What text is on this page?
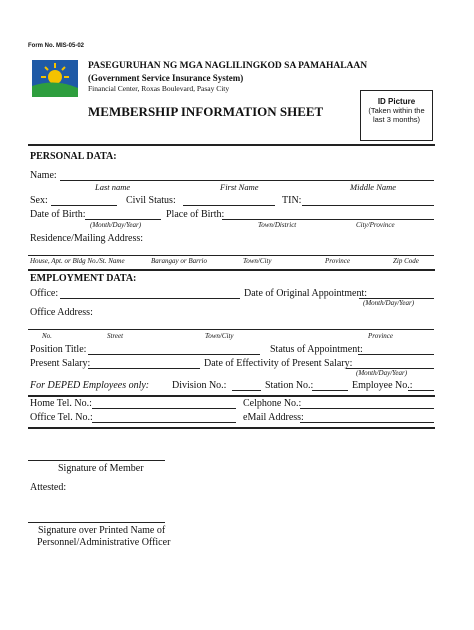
Form No. MIS-05-02
PASEGURUHAN NG MGA NAGLILINGKOD SA PAMAHALAAN
(Government Service Insurance System)
Financial Center, Roxas Boulevard, Pasay City
MEMBERSHIP INFORMATION SHEET
ID Picture
(Taken within the
last 3 months)
PERSONAL DATA:
Name:
Last name	First Name	Middle Name
Sex:	Civil Status:	TIN:
Date of Birth:	Place of Birth:
(Month/Day/Year)	Town/District	City/Province
Residence/Mailing Address:
House, Apt. or Bldg No./St. Name	Barangay or Barrio	Town/City	Province	Zip Code
EMPLOYMENT DATA:
Office:	Date of Original Appointment:
(Month/Day/Year)
Office Address:
No.	Street	Town/City	Province
Position Title:	Status of Appointment:
Present Salary:	Date of Effectivity of Present Salary:
(Month/Day/Year)
For DEPED Employees only: Division No.:	Station No.:	Employee No.:
Home Tel. No.:	Celphone No.:
Office Tel. No.:	eMail Address:
Signature of Member
Attested:
Signature over Printed Name of
Personnel/Administrative Officer
